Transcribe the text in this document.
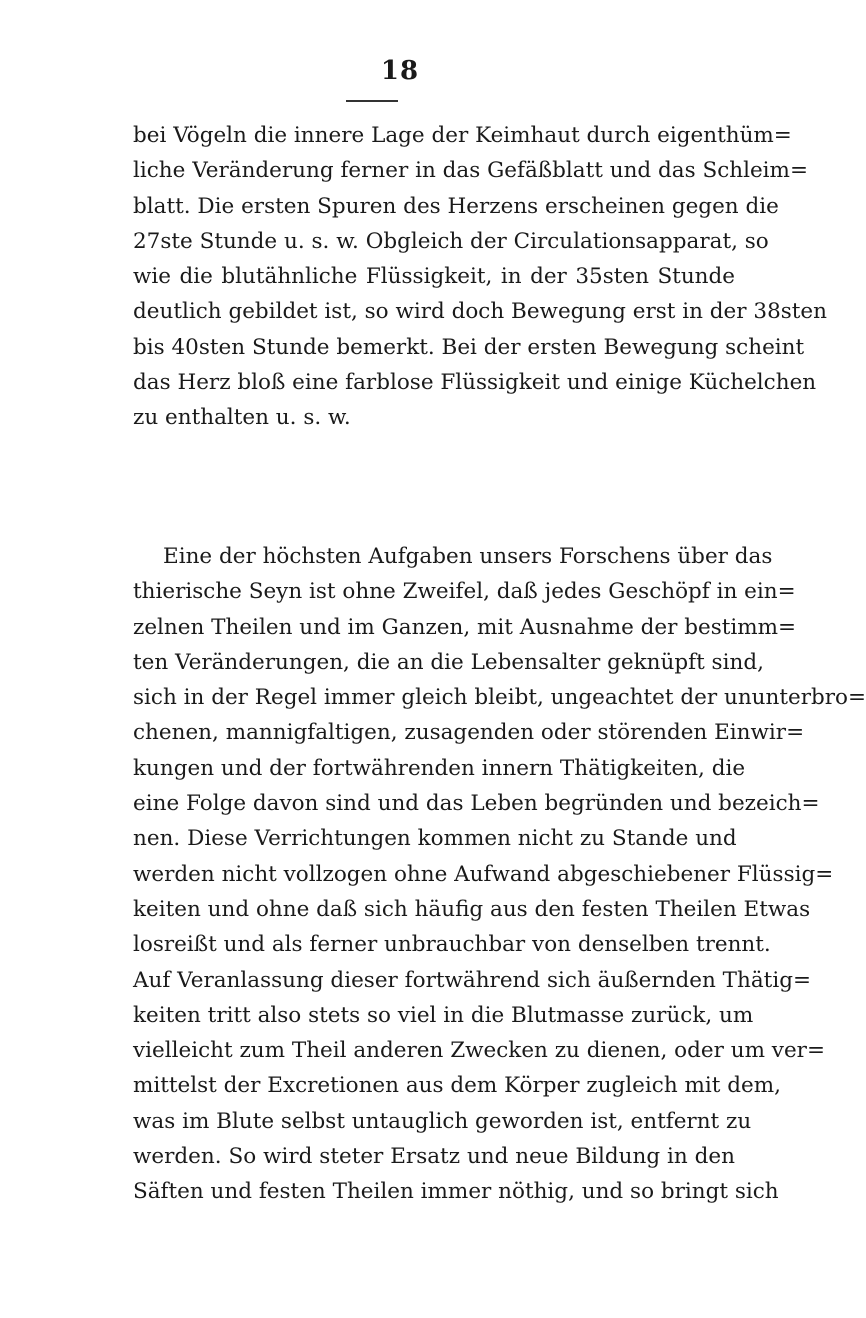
18
bei Vögeln die innere Lage der Keimhaut durch eigenthüm=
liche Veränderung ferner in das Gefäßblatt und das Schleim=
blatt. Die ersten Spuren des Herzens erscheinen gegen die
27ste Stunde u. s. w. Obgleich der Circulationsapparat, so
wie die blutähnliche Flüssigkeit, in der 35sten Stunde
deutlich gebildet ist, so wird doch Bewegung erst in der 38sten
bis 40sten Stunde bemerkt. Bei der ersten Bewegung scheint
das Herz bloß eine farblose Flüssigkeit und einige Küchelchen
zu enthalten u. s. w.
Eine der höchsten Aufgaben unsers Forschens über das
thierische Seyn ist ohne Zweifel, daß jedes Geschöpf in ein=
zelnen Theilen und im Ganzen, mit Ausnahme der bestimm=
ten Veränderungen, die an die Lebensalter geknüpft sind,
sich in der Regel immer gleich bleibt, ungeachtet der ununterbro=
chenen, mannigfaltigen, zusagenden oder störenden Einwir=
kungen und der fortwährenden innern Thätigkeiten, die
eine Folge davon sind und das Leben begründen und bezeich=
nen. Diese Verrichtungen kommen nicht zu Stande und
werden nicht vollzogen ohne Aufwand abgeschiebener Flüssig=
keiten und ohne daß sich häufig aus den festen Theilen Etwas
losreißt und als ferner unbrauchbar von denselben trennt.
Auf Veranlassung dieser fortwährend sich äußernden Thätig=
keiten tritt also stets so viel in die Blutmasse zurück, um
vielleicht zum Theil anderen Zwecken zu dienen, oder um ver=
mittelst der Excretionen aus dem Körper zugleich mit dem,
was im Blute selbst untauglich geworden ist, entfernt zu
werden. So wird steter Ersatz und neue Bildung in den
Säften und festen Theilen immer nöthig, und so bringt sich
